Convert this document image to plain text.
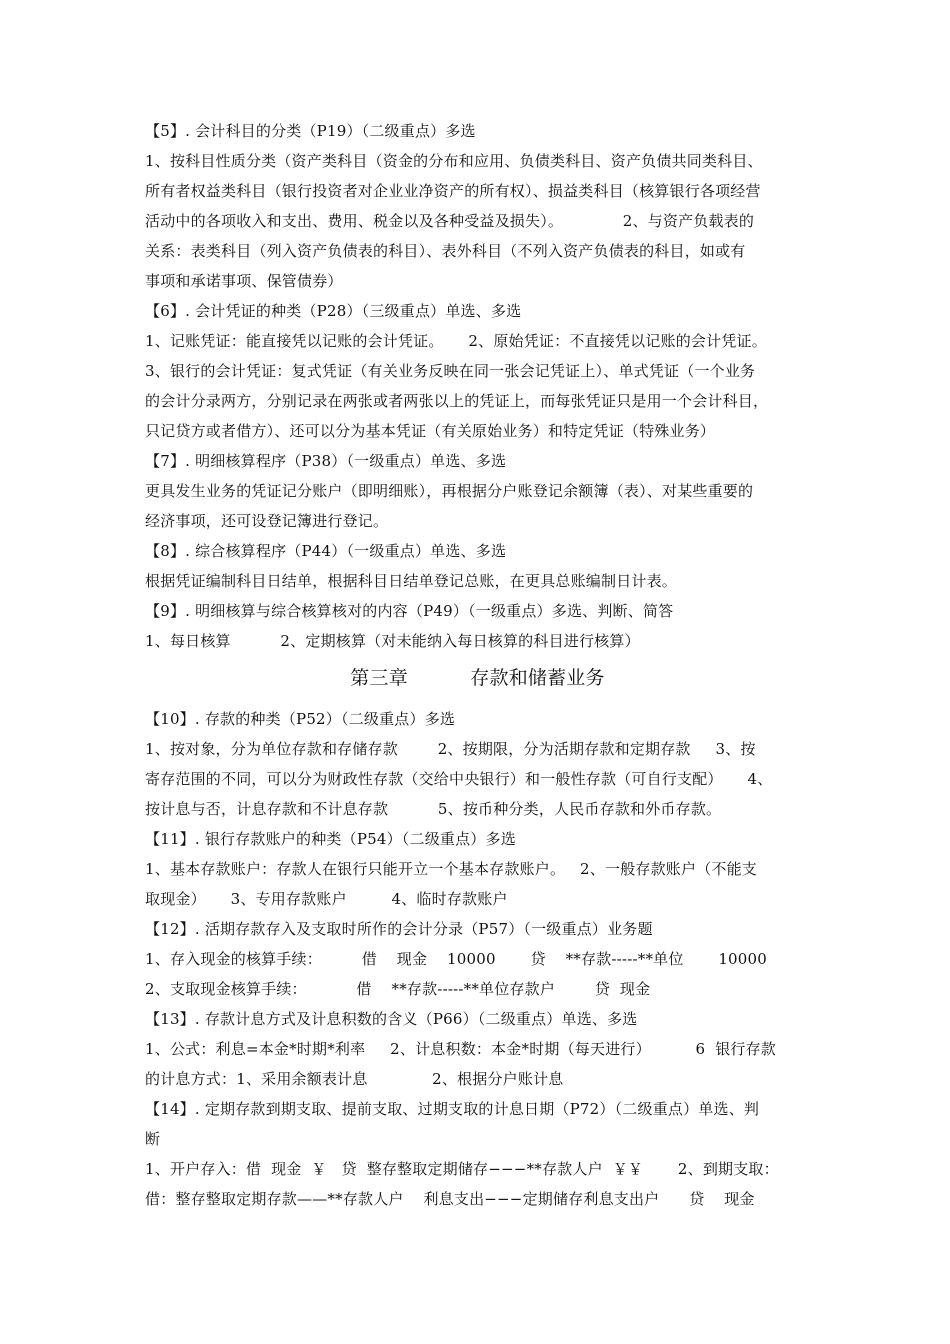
【5】. 会计科目的分类（P19）（二级重点）多选

1、按科目性质分类（资产类科目（资金的分布和应用、负债类科目、资产负债共同类科目、

所有者权益类科目（银行投资者对企业业净资产的所有权）、损益类科目（核算银行各项经营

活动中的各项收入和支出、费用、税金以及各种受益及损失）。            2、与资产负载表的

关系：表类科目（列入资产负债表的科目）、表外科目（不列入资产负债表的科目，如或有

事项和承诺事项、保管债券）

【6】. 会计凭证的种类（P28）（三级重点）单选、多选

1、记账凭证：能直接凭以记账的会计凭证。     2、原始凭证：不直接凭以记账的会计凭证。

3、银行的会计凭证：复式凭证（有关业务反映在同一张会记凭证上）、单式凭证（一个业务

的会计分录两方，分别记录在两张或者两张以上的凭证上，而每张凭证只是用一个会计科目，

只记贷方或者借方）、还可以分为基本凭证（有关原始业务）和特定凭证（特殊业务）

【7】. 明细核算程序（P38）（一级重点）单选、多选

更具发生业务的凭证记分账户（即明细账），再根据分户账登记余额簿（表）、对某些重要的

经济事项，还可设登记簿进行登记。

【8】. 综合核算程序（P44）（一级重点）单选、多选

根据凭证编制科目日结单，根据科目日结单登记总账，在更具总账编制日计表。

【9】. 明细核算与综合核算核对的内容（P49）（一级重点）多选、判断、简答

1、每日核算          2、定期核算（对未能纳入每日核算的科目进行核算）

第三章          存款和储蓄业务

【10】. 存款的种类（P52）（二级重点）多选

1、按对象，分为单位存款和存储存款        2、按期限，分为活期存款和定期存款     3、按

寄存范围的不同，可以分为财政性存款（交给中央银行）和一般性存款（可自行支配）     4、

按计息与否，计息存款和不计息存款          5、按币种分类，人民币存款和外币存款。

【11】. 银行存款账户的种类（P54）（二级重点）多选

1、基本存款账户：存款人在银行只能开立一个基本存款账户。   2、一般存款账户（不能支

取现金）     3、专用存款账户         4、临时存款账户

【12】. 活期存款存入及支取时所作的会计分录（P57）（一级重点）业务题

1、存入现金的核算手续：        借    现金    10000       贷    **存款-----**单位       10000

2、支取现金核算手续：          借    **存款-----**单位存款户        贷  现金

【13】. 存款计息方式及计息积数的含义（P66）（二级重点）单选、多选

1、公式：利息=本金*时期*利率     2、计息积数：本金*时期（每天进行）         6  银行存款

的计息方式：1、采用余额表计息             2、根据分户账计息

【14】. 定期存款到期支取、提前支取、过期支取的计息日期（P72）（二级重点）单选、判

断

1、开户存入：借  现金  ￥   贷  整存整取定期储存−−−**存款人户  ￥￥       2、到期支取：

借：整存整取定期存款——**存款人户    利息支出−−−定期储存利息支出户      贷    现金
